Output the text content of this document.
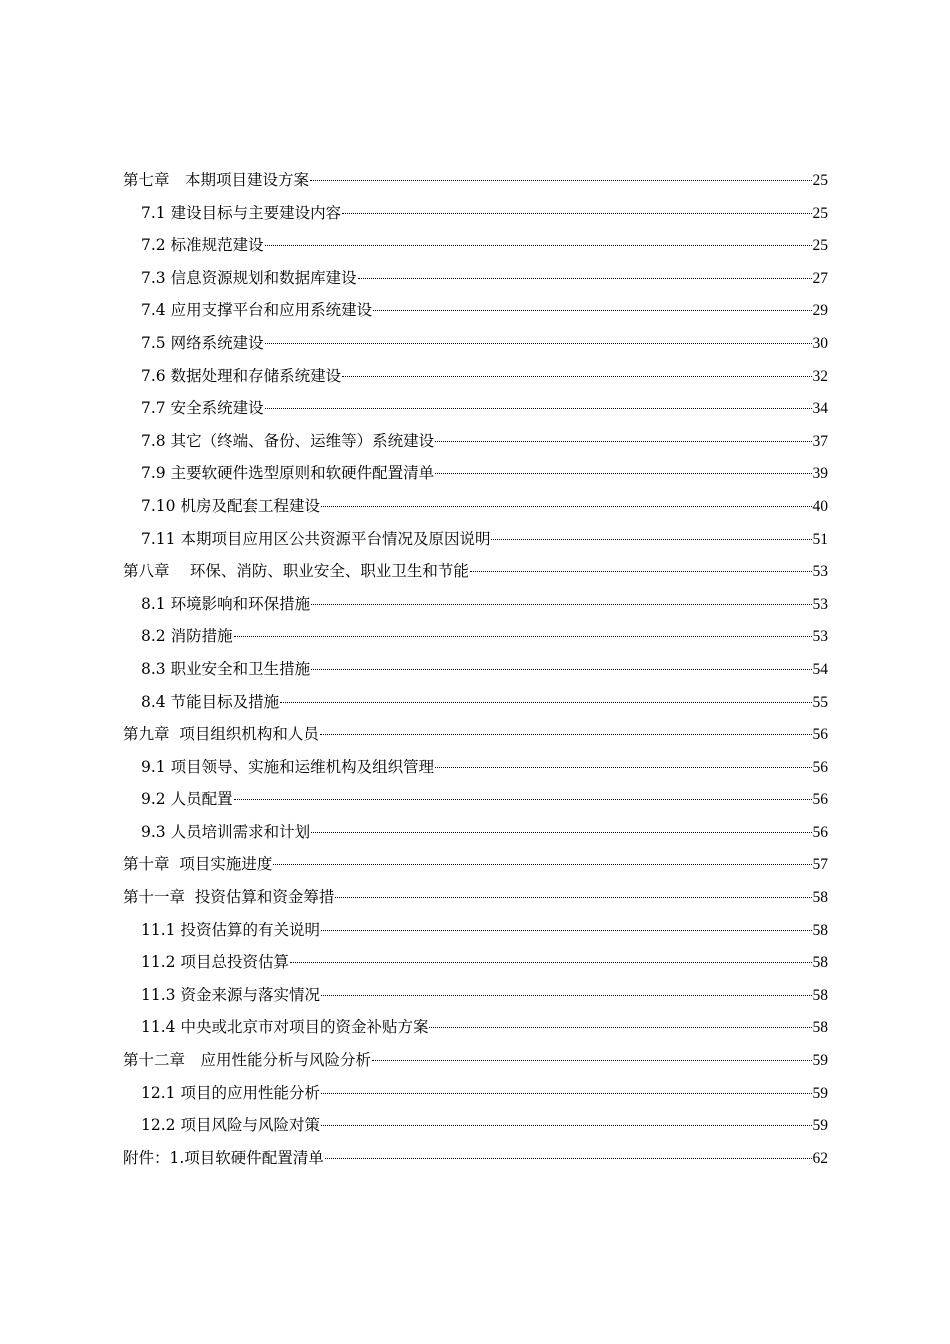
第七章　本期项目建设方案	25
7.1 建设目标与主要建设内容	25
7.2 标准规范建设	25
7.3 信息资源规划和数据库建设	27
7.4 应用支撑平台和应用系统建设	29
7.5 网络系统建设	30
7.6 数据处理和存储系统建设	32
7.7 安全系统建设	34
7.8 其它（终端、备份、运维等）系统建设	37
7.9 主要软硬件选型原则和软硬件配置清单	39
7.10 机房及配套工程建设	40
7.11 本期项目应用区公共资源平台情况及原因说明	51
第八章　 环保、消防、职业安全、职业卫生和节能	53
8.1 环境影响和环保措施	53
8.2 消防措施	53
8.3 职业安全和卫生措施	54
8.4 节能目标及措施	55
第九章  项目组织机构和人员	56
9.1 项目领导、实施和运维机构及组织管理	56
9.2 人员配置	56
9.3 人员培训需求和计划	56
第十章  项目实施进度	57
第十一章  投资估算和资金筹措	58
11.1 投资估算的有关说明	58
11.2 项目总投资估算	58
11.3 资金来源与落实情况	58
11.4 中央或北京市对项目的资金补贴方案	58
第十二章　应用性能分析与风险分析	59
12.1 项目的应用性能分析	59
12.2 项目风险与风险对策	59
附件：1.项目软硬件配置清单	62
